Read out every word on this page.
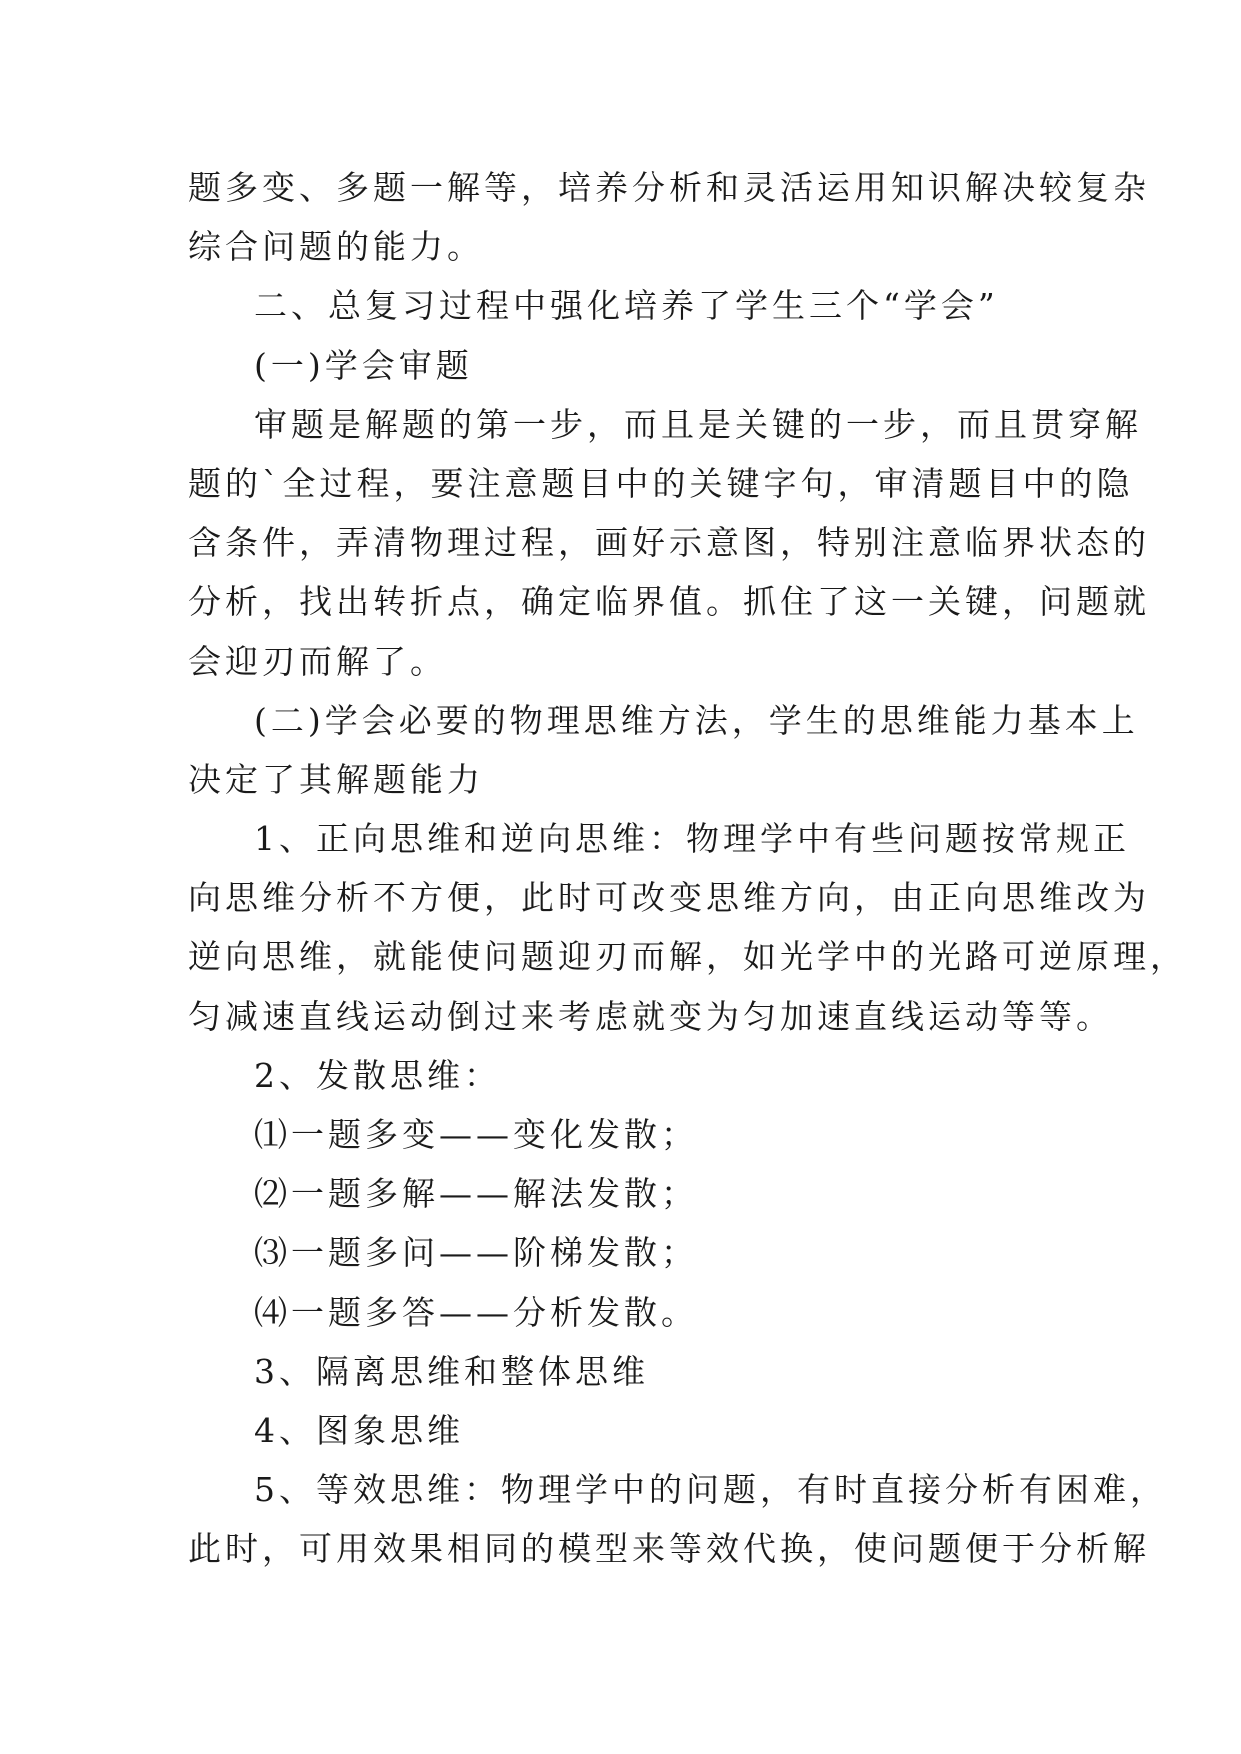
题多变、多题一解等，培养分析和灵活运用知识解决较复杂
综合问题的能力。
二、总复习过程中强化培养了学生三个“学会”
(一)学会审题
审题是解题的第一步，而且是关键的一步，而且贯穿解
题的`全过程，要注意题目中的关键字句，审清题目中的隐
含条件，弄清物理过程，画好示意图，特别注意临界状态的
分析，找出转折点，确定临界值。抓住了这一关键，问题就
会迎刃而解了。
(二)学会必要的物理思维方法，学生的思维能力基本上
决定了其解题能力
1、正向思维和逆向思维：物理学中有些问题按常规正
向思维分析不方便，此时可改变思维方向，由正向思维改为
逆向思维，就能使问题迎刃而解，如光学中的光路可逆原理，
匀减速直线运动倒过来考虑就变为匀加速直线运动等等。
2、发散思维：
⑴一题多变——变化发散；
⑵一题多解——解法发散；
⑶一题多问——阶梯发散；
⑷一题多答——分析发散。
3、隔离思维和整体思维
4、图象思维
5、等效思维：物理学中的问题，有时直接分析有困难，
此时，可用效果相同的模型来等效代换，使问题便于分析解
